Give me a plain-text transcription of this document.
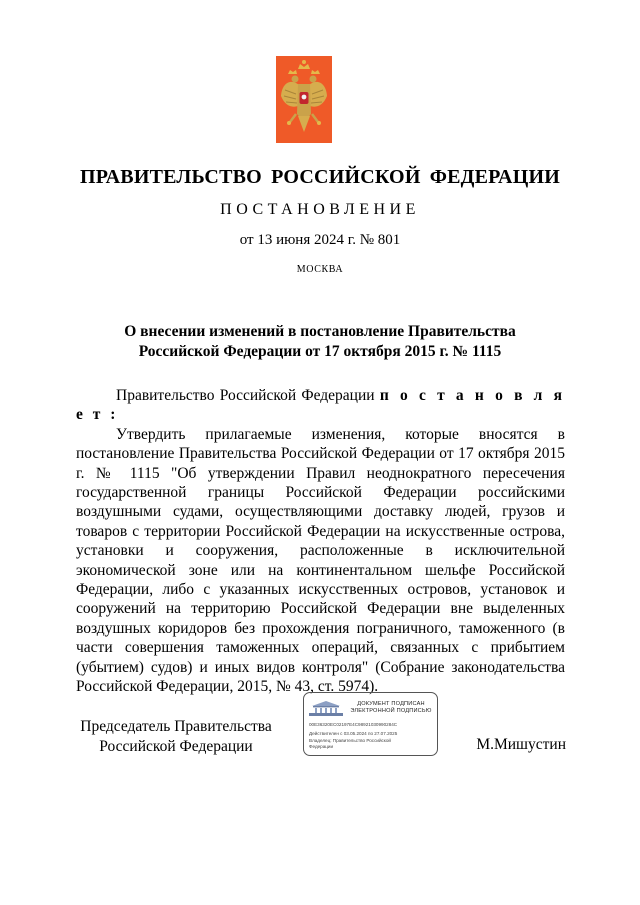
ПРАВИТЕЛЬСТВО РОССИЙСКОЙ ФЕДЕРАЦИИ
ПОСТАНОВЛЕНИЕ
от 13 июня 2024 г. № 801
МОСКВА
О внесении изменений в постановление Правительства
Российской Федерации от 17 октября 2015 г. № 1115

Правительство Российской Федерации п о с т а н о в л я е т :

Утвердить прилагаемые изменения, которые вносятся в постановление Правительства Российской Федерации от 17 октября 2015 г. № 1115 "Об утверждении Правил неоднократного пересечения государственной границы Российской Федерации российскими воздушными судами, осуществляющими доставку людей, грузов и товаров с территории Российской Федерации на искусственные острова, установки и сооружения, расположенные в исключительной экономической зоне или на континентальном шельфе Российской Федерации, либо с указанных искусственных островов, установок и сооружений на территорию Российской Федерации вне выделенных воздушных коридоров без прохождения пограничного, таможенного (в части совершения таможенных операций, связанных с прибытием (убытием) судов) и иных видов контроля" (Собрание законодательства Российской Федерации, 2015, № 43, ст. 5974).

Председатель Правительства
Российской Федерации
ДОКУМЕНТ ПОДПИСАН
ЭЛЕКТРОННОЙ ПОДПИСЬЮ
00E36320EC02197E4C98921030990284C
Действителен с 03.05.2024 по 27.07.2025
Владелец: Правительство Российской
Федерации	М.Мишустин
